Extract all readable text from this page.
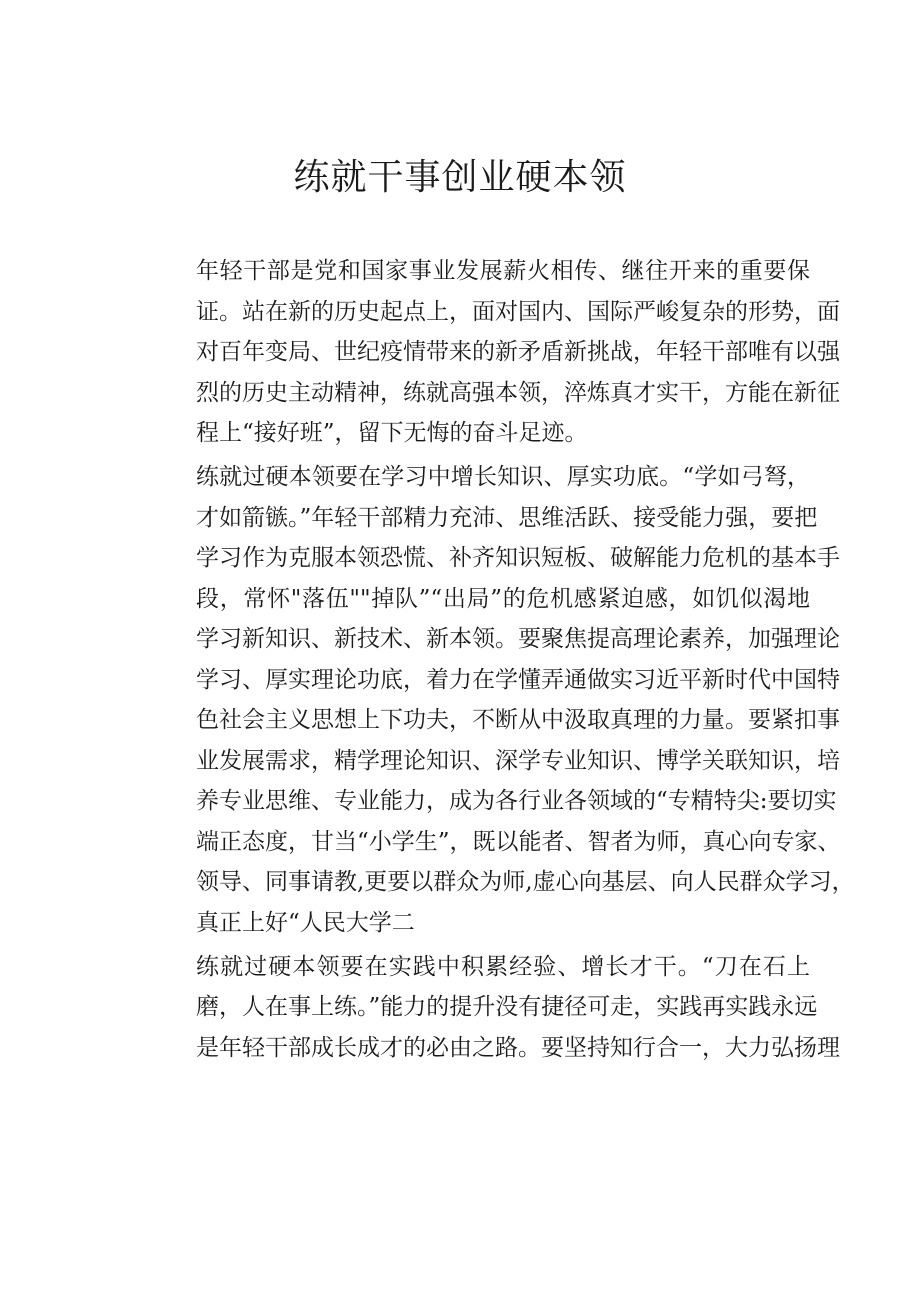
练就干事创业硬本领

年轻干部是党和国家事业发展薪火相传、继往开来的重要保
证。站在新的历史起点上，面对国内、国际严峻复杂的形势，面
对百年变局、世纪疫情带来的新矛盾新挑战，年轻干部唯有以强
烈的历史主动精神，练就高强本领，淬炼真才实干，方能在新征
程上“接好班”，留下无悔的奋斗足迹。

练就过硬本领要在学习中增长知识、厚实功底。“学如弓弩，
才如箭镞。”年轻干部精力充沛、思维活跃、接受能力强，要把
学习作为克服本领恐慌、补齐知识短板、破解能力危机的基本手
段，常怀"落伍""掉队”“出局”的危机感紧迫感，如饥似渴地
学习新知识、新技术、新本领。要聚焦提高理论素养，加强理论
学习、厚实理论功底，着力在学懂弄通做实习近平新时代中国特
色社会主义思想上下功夫，不断从中汲取真理的力量。要紧扣事
业发展需求，精学理论知识、深学专业知识、博学关联知识，培
养专业思维、专业能力，成为各行业各领域的“专精特尖:要切实
端正态度，甘当“小学生”，既以能者、智者为师，真心向专家、
领导、同事请教,更要以群众为师,虚心向基层、向人民群众学习，
真正上好“人民大学二

练就过硬本领要在实践中积累经验、增长才干。“刀在石上
磨，人在事上练。”能力的提升没有捷径可走，实践再实践永远
是年轻干部成长成才的必由之路。要坚持知行合一，大力弘扬理
